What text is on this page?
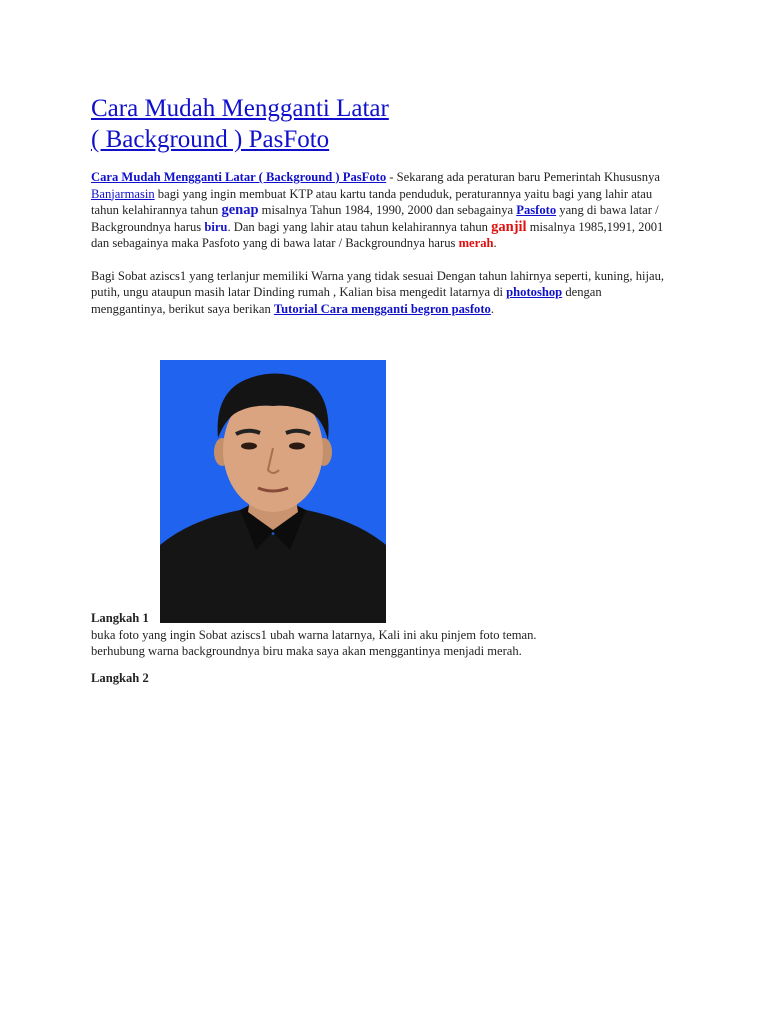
Cara Mudah Mengganti Latar
( Background ) PasFoto

Cara Mudah Mengganti Latar ( Background ) PasFoto - Sekarang ada peraturan baru Pemerintah Khususnya Banjarmasin bagi yang ingin membuat KTP atau kartu tanda penduduk, peraturannya yaitu bagi yang lahir atau tahun kelahirannya tahun genap misalnya Tahun 1984, 1990, 2000 dan sebagainya Pasfoto yang di bawa latar / Backgroundnya harus biru. Dan bagi yang lahir atau tahun kelahirannya tahun ganjil misalnya 1985,1991, 2001 dan sebagainya maka Pasfoto yang di bawa latar / Backgroundnya harus merah.

Bagi Sobat aziscs1 yang terlanjur memiliki Warna yang tidak sesuai Dengan tahun lahirnya seperti, kuning, hijau, putih, ungu ataupun masih latar Dinding rumah , Kalian bisa mengedit latarnya di photoshop dengan menggantinya, berikut saya berikan Tutorial Cara mengganti begron pasfoto.

Langkah 1
buka foto yang ingin Sobat aziscs1 ubah warna latarnya, Kali ini aku pinjem foto teman.
berhubung warna backgroundnya biru maka saya akan menggantinya menjadi merah.
Langkah 2
